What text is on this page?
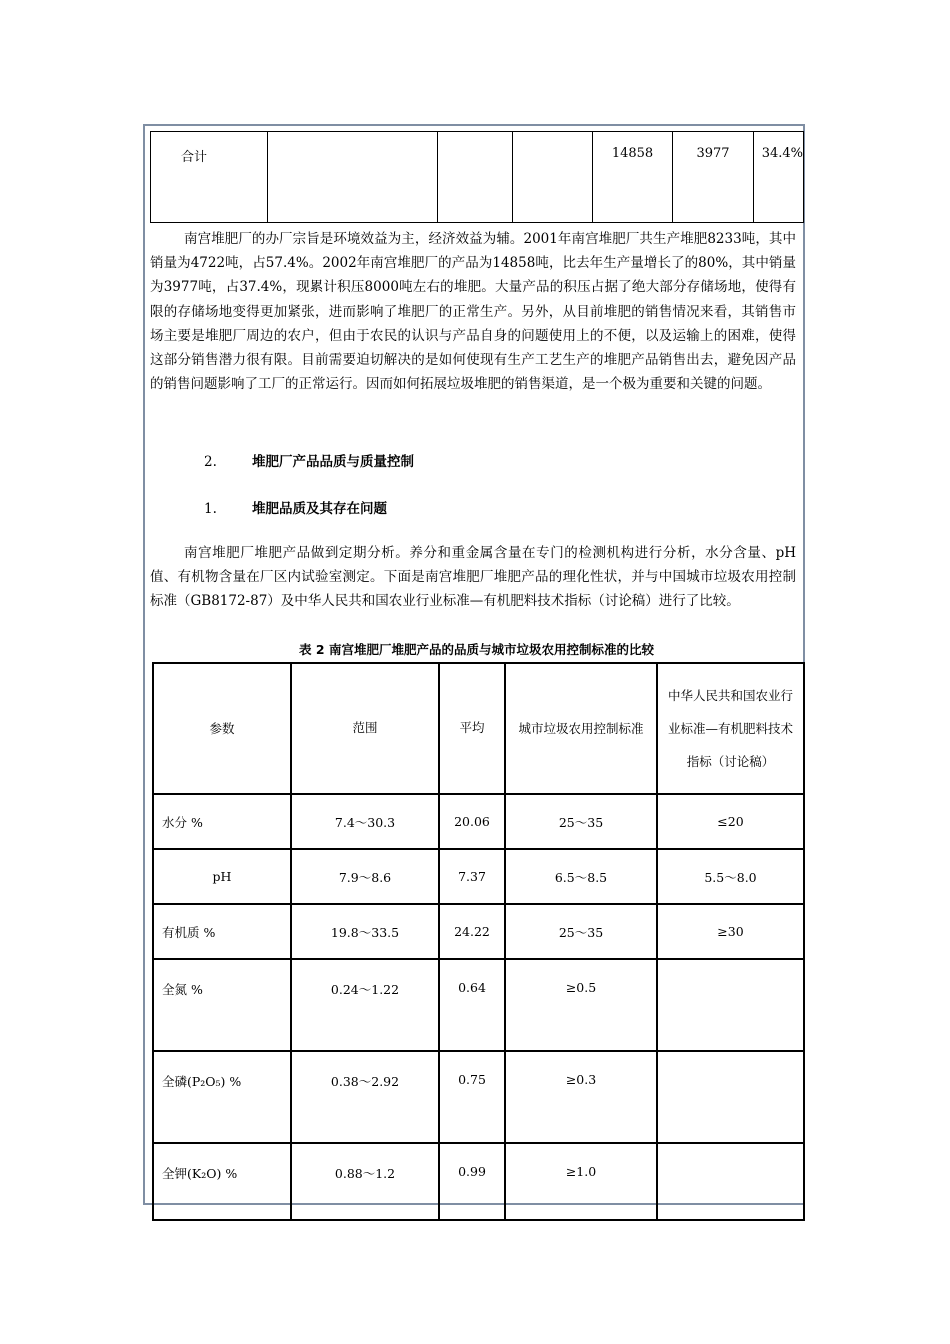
合计				14858	3977	34.4%

南宫堆肥厂的办厂宗旨是环境效益为主，经济效益为辅。2001年南宫堆肥厂共生产堆肥8233吨，其中销量为4722吨，占57.4%。2002年南宫堆肥厂的产品为14858吨，比去年生产量增长了的80%，其中销量为3977吨，占37.4%，现累计积压8000吨左右的堆肥。大量产品的积压占据了绝大部分存储场地，使得有限的存储场地变得更加紧张，进而影响了堆肥厂的正常生产。另外，从目前堆肥的销售情况来看，其销售市场主要是堆肥厂周边的农户，但由于农民的认识与产品自身的问题使用上的不便，以及运输上的困难，使得这部分销售潜力很有限。目前需要迫切解决的是如何使现有生产工艺生产的堆肥产品销售出去，避免因产品的销售问题影响了工厂的正常运行。因而如何拓展垃圾堆肥的销售渠道，是一个极为重要和关键的问题。

2.	堆肥厂产品品质与质量控制
1.	堆肥品质及其存在问题

南宫堆肥厂堆肥产品做到定期分析。养分和重金属含量在专门的检测机构进行分析，水分含量、pH值、有机物含量在厂区内试验室测定。下面是南宫堆肥厂堆肥产品的理化性状，并与中国城市垃圾农用控制标准（GB8172-87）及中华人民共和国农业行业标准—有机肥料技术指标（讨论稿）进行了比较。

表 2 南宫堆肥厂堆肥产品的品质与城市垃圾农用控制标准的比较
参数	范围	平均	城市垃圾农用控制标准	中华人民共和国农业行业标准—有机肥料技术指标（讨论稿）
水分 %	7.4～30.3	20.06	25～35	≤20
pH	7.9～8.6	7.37	6.5～8.5	5.5～8.0
有机质 %	19.8～33.5	24.22	25～35	≥30
全氮 %	0.24～1.22	0.64	≥0.5	
全磷(P₂O₅) %	0.38～2.92	0.75	≥0.3	
全钾(K₂O) %	0.88～1.2	0.99	≥1.0	
